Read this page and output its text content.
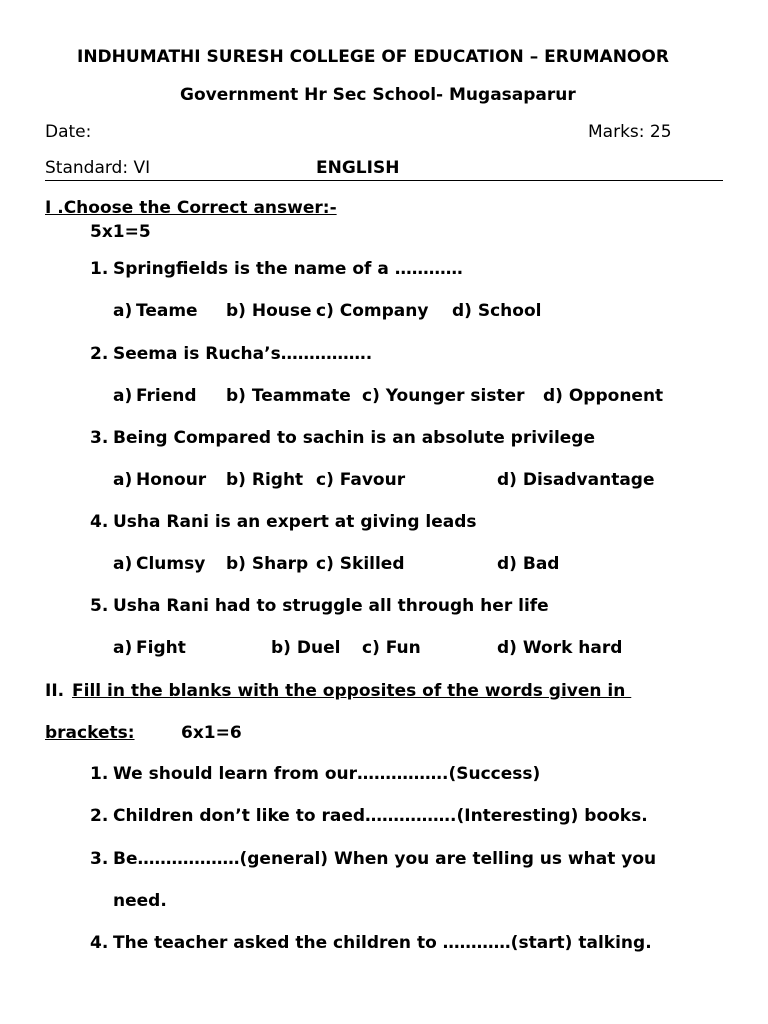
INDHUMATHI SURESH COLLEGE OF EDUCATION – ERUMANOOR
Government Hr Sec School- Mugasaparur
Date:	Marks: 25
Standard: VI	ENGLISH
I .Choose the Correct answer:-
5x1=5
1. Springfields is the name of a …………
a) Teame b) House c) Company d) School
2. Seema is Rucha’s…………….
a) Friend b) Teammate c) Younger sister d) Opponent
3. Being Compared to sachin is an absolute privilege
a) Honour b) Right c) Favour	d) Disadvantage
4. Usha Rani is an expert at giving leads
a) Clumsy b) Sharp c) Skilled	d) Bad
5. Usha Rani had to struggle all through her life
a) Fight	b) Duel c) Fun	d) Work hard
II. Fill in the blanks with the opposites of the words given in
brackets:	6x1=6
1. We should learn from our…………….(Success)
2. Children don’t like to raed…………….(Interesting) books.
3. Be………………(general) When you are telling us what you
need.
4. The teacher asked the children to …………(start) talking.
